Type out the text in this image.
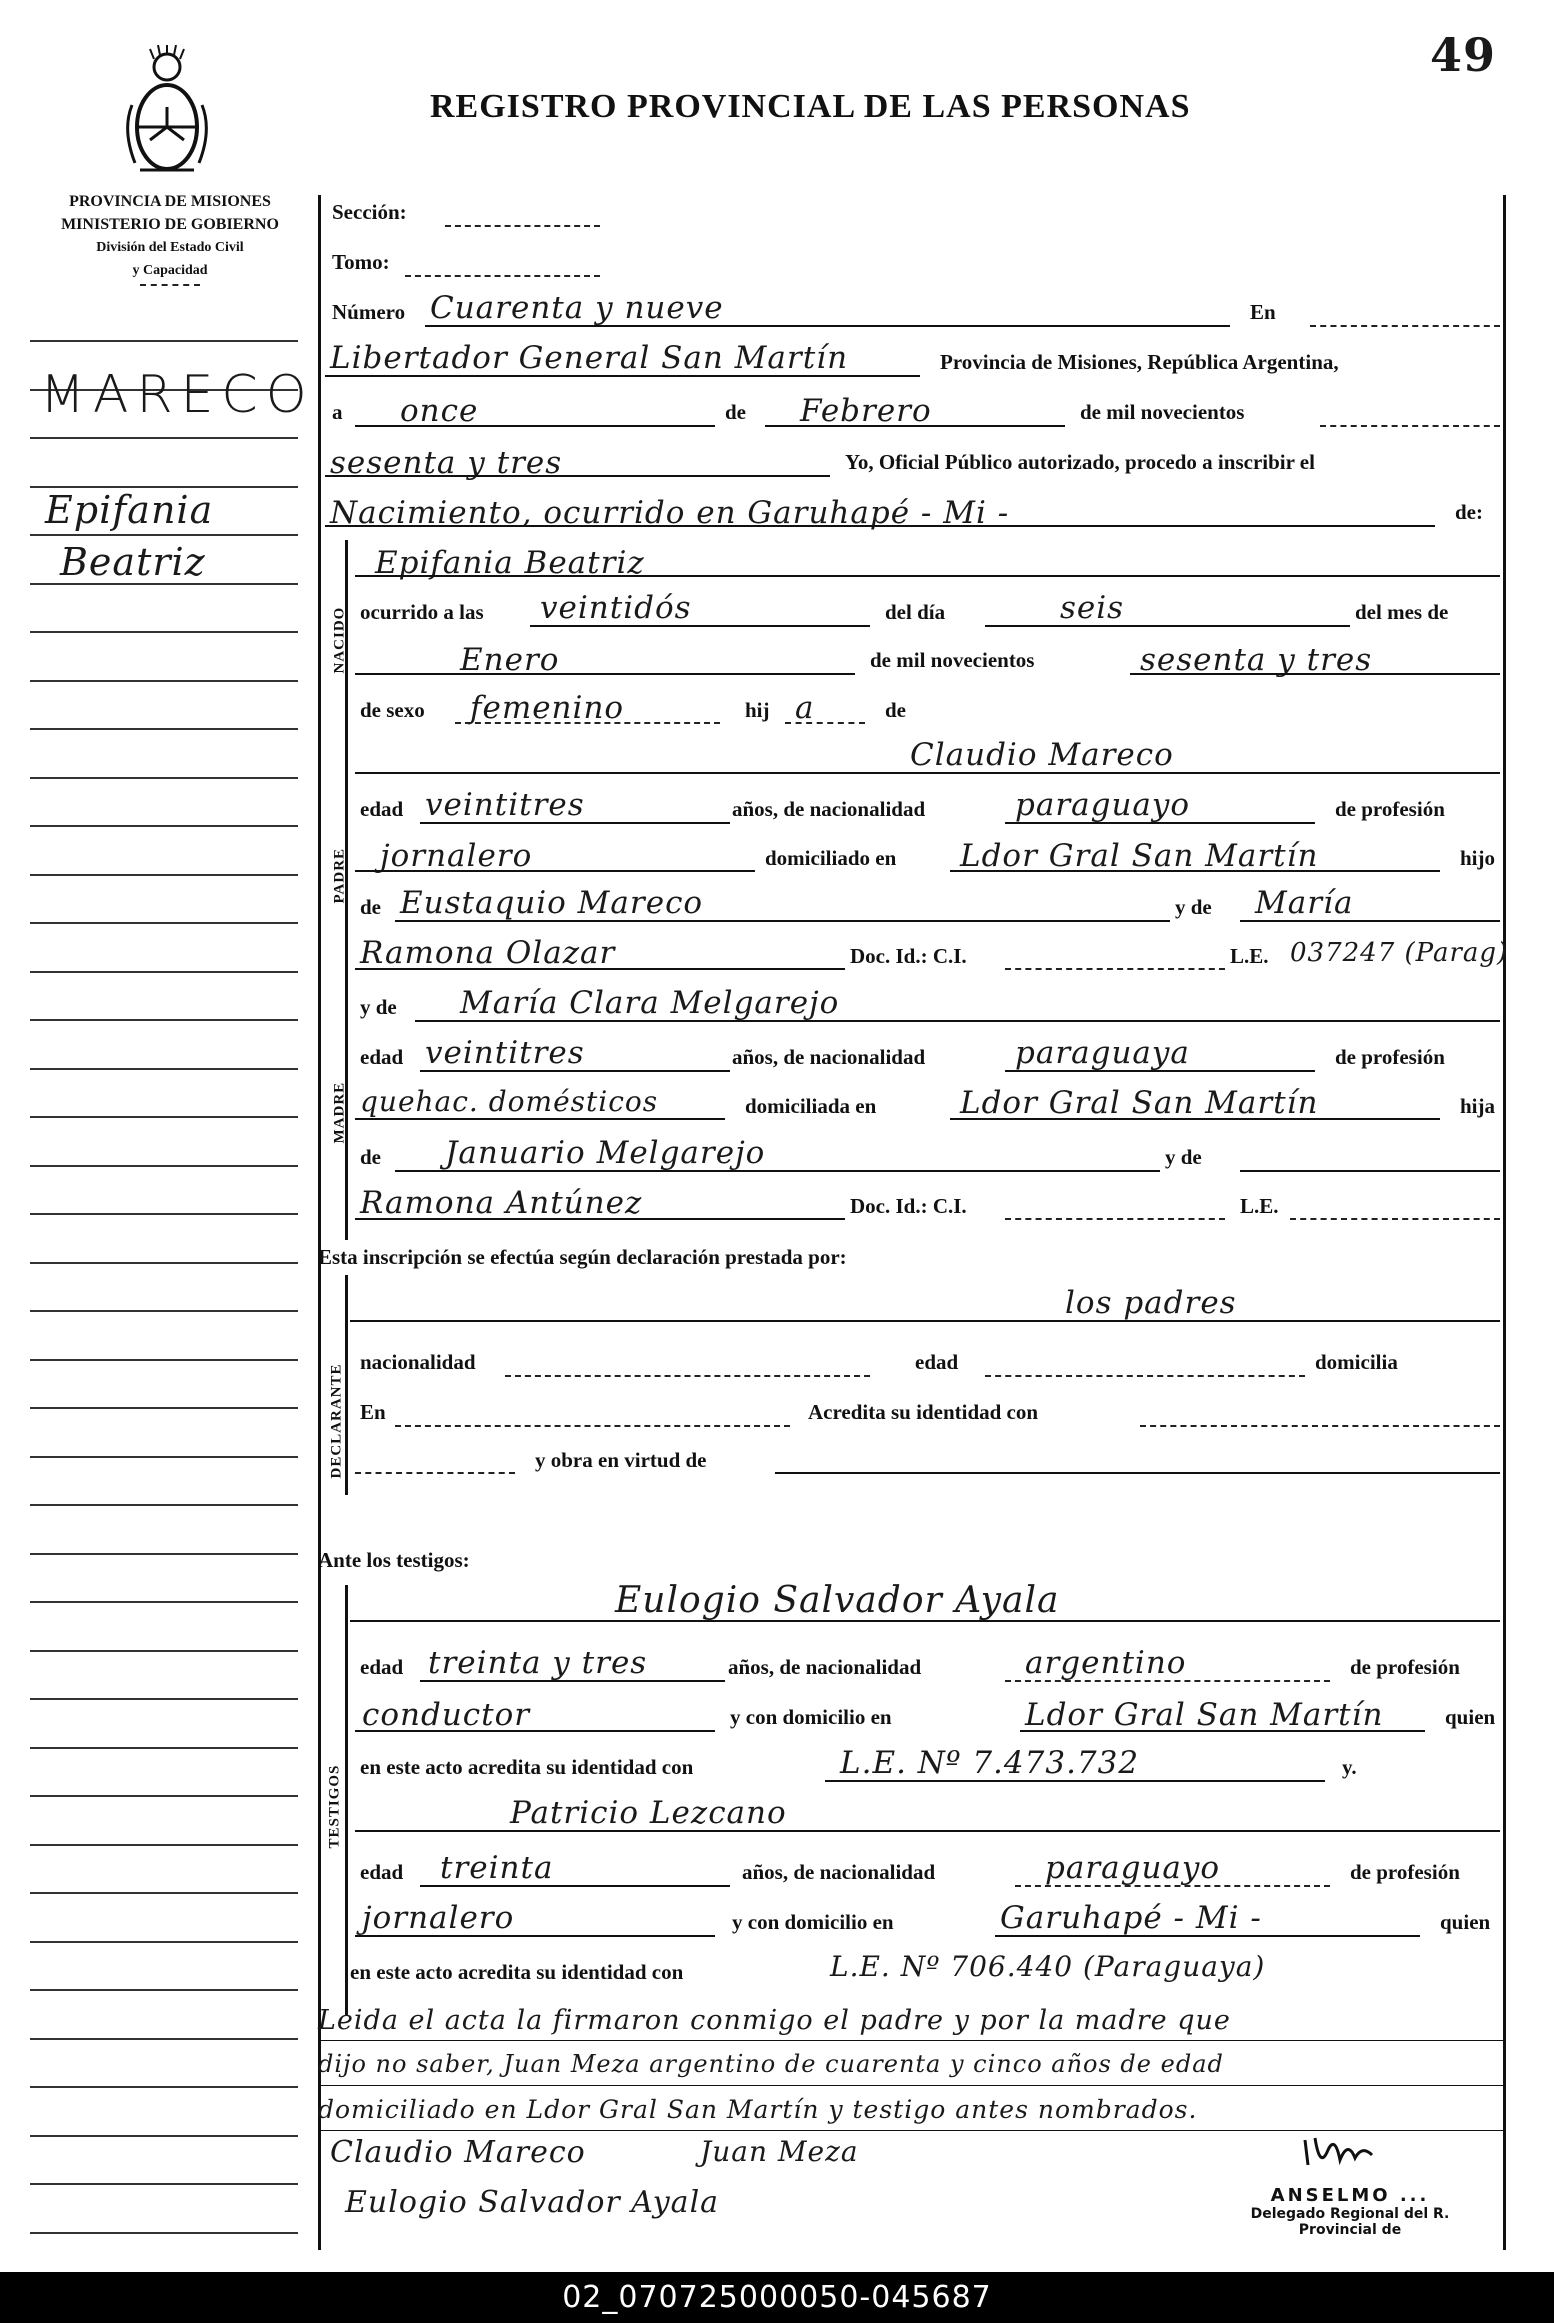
49
REGISTRO PROVINCIAL DE LAS PERSONAS
PROVINCIA DE MISIONES
MINISTERIO DE GOBIERNO
División del Estado Civil
y Capacidad
MARECO
Epifania
Beatriz
NACIDO
PADRE
MADRE
DECLARANTE
TESTIGOS
Sección:
Tomo:
Número Cuarenta y nueve	En
Libertador General San Martín	Provincia de Misiones, República Argentina,
a once	de Febrero	de mil novecientos
sesenta y tres	Yo, Oficial Público autorizado, procedo a inscribir el
Nacimiento, ocurrido en Garuhapé - Mi -	de:
Epifania Beatriz
ocurrido a las veintidós	del día	seis	del mes de
Enero	de mil novecientos	sesenta y tres
de sexo femenino	hij a	de
Claudio Mareco
edad veintitres	años, de nacionalidad	paraguayo	de profesión
jornalero	domiciliado en Ldor Gral San Martín	hijo
de Eustaquio Mareco	y de María
Ramona Olazar	Doc. Id.: C.I.	L.E. 037247 (Parag)
y de María Clara Melgarejo
edad veintitres	años, de nacionalidad	paraguaya	de profesión
quehac. domésticos	domiciliada en	Ldor Gral San Martín	hija
de Januario Melgarejo	y de
Ramona Antúnez	Doc. Id.: C.I.	L.E.
Esta inscripción se efectúa según declaración prestada por:
los padres
nacionalidad	edad	domicilia
En	Acredita su identidad con
y obra en virtud de
Ante los testigos:
Eulogio Salvador Ayala
edad treinta y tres	años, de nacionalidad	argentino	de profesión
conductor	y con domicilio en	Ldor Gral San Martín	quien
en este acto acredita su identidad con	L.E. Nº 7.473.732	y.
Patricio Lezcano
edad treinta	años, de nacionalidad	paraguayo	de profesión
jornalero	y con domicilio en	Garuhapé - Mi -	quien
en este acto acredita su identidad con	L.E. Nº 706.440 (Paraguaya)
Leida el acta la firmaron conmigo el padre y por la madre que
dijo no saber, Juan Meza argentino de cuarenta y cinco años de edad
domiciliado en Ldor Gral San Martín y testigo antes nombrados.
Claudio Mareco	Juan Meza
Eulogio Salvador Ayala	ANSELMO ...
Delegado Regional del R.
Provincial de
02_070725000050-045687
